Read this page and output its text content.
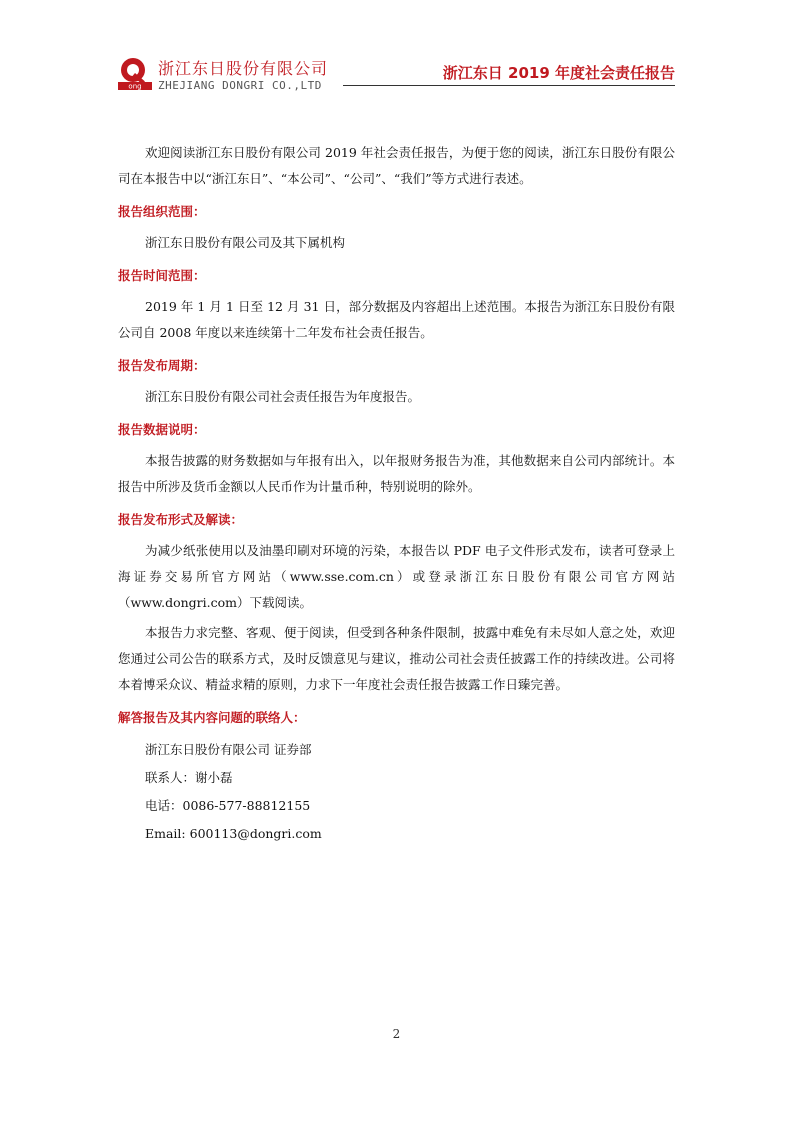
ong
浙江东日股份有限公司
ZHEJIANG DONGRI CO.,LTD
浙江东日 2019 年度社会责任报告

欢迎阅读浙江东日股份有限公司 2019 年社会责任报告，为便于您的阅读，浙江东日股份有限公司在本报告中以“浙江东日”、“本公司”、“公司”、“我们”等方式进行表述。

报告组织范围：

浙江东日股份有限公司及其下属机构

报告时间范围：

2019 年 1 月 1 日至 12 月 31 日，部分数据及内容超出上述范围。本报告为浙江东日股份有限公司自 2008 年度以来连续第十二年发布社会责任报告。

报告发布周期：

浙江东日股份有限公司社会责任报告为年度报告。

报告数据说明：

本报告披露的财务数据如与年报有出入，以年报财务报告为准，其他数据来自公司内部统计。本报告中所涉及货币金额以人民币作为计量币种，特别说明的除外。

报告发布形式及解读：

为减少纸张使用以及油墨印刷对环境的污染，本报告以 PDF 电子文件形式发布，读者可登录上海证券交易所官方网站（www.sse.com.cn）或登录浙江东日股份有限公司官方网站（www.dongri.com）下载阅读。

本报告力求完整、客观、便于阅读，但受到各种条件限制，披露中难免有未尽如人意之处，欢迎您通过公司公告的联系方式，及时反馈意见与建议，推动公司社会责任披露工作的持续改进。公司将本着博采众议、精益求精的原则，力求下一年度社会责任报告披露工作日臻完善。

解答报告及其内容问题的联络人：

浙江东日股份有限公司 证券部

联系人：谢小磊

电话：0086-577-88812155

Email: 600113@dongri.com

2
